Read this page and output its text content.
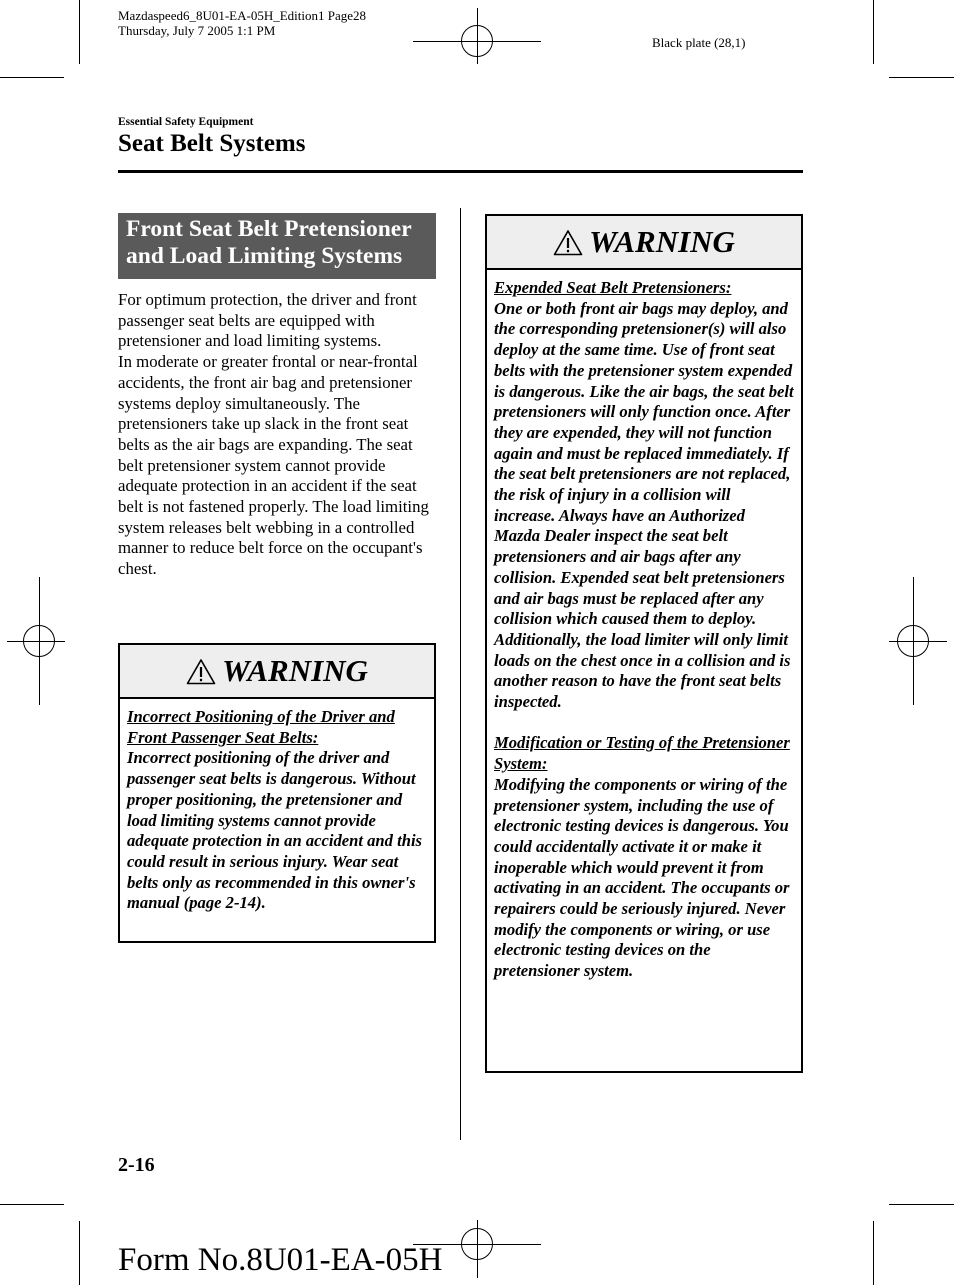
Mazdaspeed6_8U01-EA-05H_Edition1 Page28
Thursday, July 7 2005 1:1 PM
Black plate (28,1)
Essential Safety Equipment
Seat Belt Systems
Front Seat Belt Pretensioner
and Load Limiting Systems

For optimum protection, the driver and front passenger seat belts are equipped with pretensioner and load limiting systems.

In moderate or greater frontal or near-frontal accidents, the front air bag and pretensioner systems deploy simultaneously. The pretensioners take up slack in the front seat belts as the air bags are expanding. The seat belt pretensioner system cannot provide adequate protection in an accident if the seat belt is not fastened properly. The load limiting system releases belt webbing in a controlled manner to reduce belt force on the occupant's chest.

WARNING

Incorrect Positioning of the Driver and Front Passenger Seat Belts:

Incorrect positioning of the driver and passenger seat belts is dangerous. Without proper positioning, the pretensioner and load limiting systems cannot provide adequate protection in an accident and this could result in serious injury. Wear seat belts only as recommended in this owner's manual (page 2-14).

WARNING

Expended Seat Belt Pretensioners:

One or both front air bags may deploy, and the corresponding pretensioner(s) will also deploy at the same time. Use of front seat belts with the pretensioner system expended is dangerous. Like the air bags, the seat belt pretensioners will only function once. After they are expended, they will not function again and must be replaced immediately. If the seat belt pretensioners are not replaced, the risk of injury in a collision will increase. Always have an Authorized Mazda Dealer inspect the seat belt pretensioners and air bags after any collision. Expended seat belt pretensioners and air bags must be replaced after any collision which caused them to deploy. Additionally, the load limiter will only limit loads on the chest once in a collision and is another reason to have the front seat belts inspected.

Modification or Testing of the Pretensioner System:

Modifying the components or wiring of the pretensioner system, including the use of electronic testing devices is dangerous. You could accidentally activate it or make it inoperable which would prevent it from activating in an accident. The occupants or repairers could be seriously injured. Never modify the components or wiring, or use electronic testing devices on the pretensioner system.

2-16
Form No.8U01-EA-05H
